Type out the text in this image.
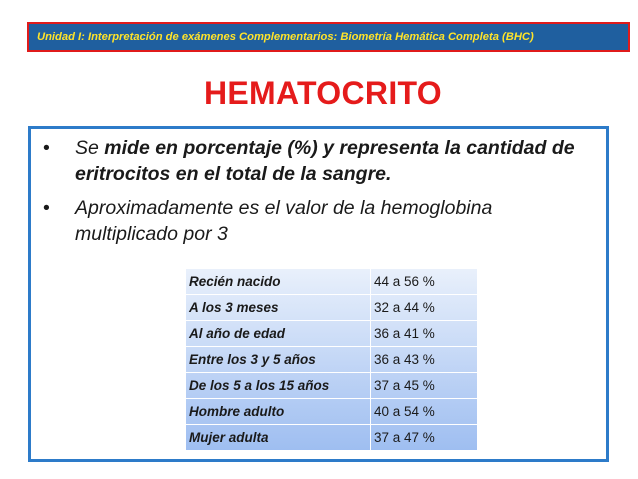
Unidad I: Interpretación de exámenes Complementarios: Biometría Hemática Completa (BHC)
HEMATOCRITO
• Se mide en porcentaje (%) y representa la cantidad de eritrocitos en el total de la sangre.
• Aproximadamente es el valor de la hemoglobina multiplicado por 3
Recién nacido	44 a 56 %
A los 3 meses	32 a 44 %
Al año de edad	36 a 41 %
Entre los 3 y 5 años	36 a 43 %
De los 5 a los 15 años	37 a 45 %
Hombre adulto	40 a 54 %
Mujer adulta	37 a 47 %
